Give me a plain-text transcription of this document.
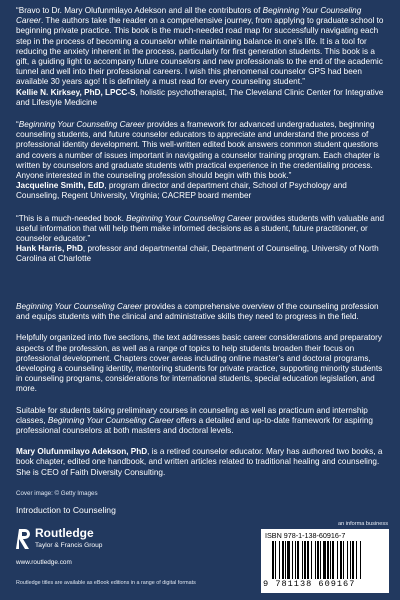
“Bravo to Dr. Mary Olufunmilayo Adekson and all the contributors of Beginning Your Counseling Career. The authors take the reader on a comprehensive journey, from applying to graduate school to beginning private practice. This book is the much-needed road map for successfully navigating each step in the process of becoming a counselor while maintaining balance in one’s life. It is a tool for reducing the anxiety inherent in the process, particularly for first generation students. This book is a gift, a guiding light to accompany future counselors and new professionals to the end of the academic tunnel and well into their professional careers. I wish this phenomenal counselor GPS had been available 30 years ago! It is definitely a must read for every counseling student.”

Kellie N. Kirksey, PhD, LPCC-S, holistic psychotherapist, The Cleveland Clinic Center for Integrative and Lifestyle Medicine

“Beginning Your Counseling Career provides a framework for advanced undergraduates, beginning counseling students, and future counselor educators to appreciate and understand the process of professional identity development. This well-written edited book answers common student questions and covers a number of issues important in navigating a counselor training program. Each chapter is written by counselors and graduate students with practical experience in the credentialing process. Anyone interested in the counseling profession should begin with this book.”

Jacqueline Smith, EdD, program director and department chair, School of Psychology and Counseling, Regent University, Virginia; CACREP board member

“This is a much-needed book. Beginning Your Counseling Career provides students with valuable and useful information that will help them make informed decisions as a student, future practitioner, or counselor educator.”

Hank Harris, PhD, professor and departmental chair, Department of Counseling, University of North Carolina at Charlotte

Beginning Your Counseling Career provides a comprehensive overview of the counseling profession and equips students with the clinical and administrative skills they need to progress in the field.

Helpfully organized into five sections, the text addresses basic career considerations and preparatory aspects of the profession, as well as a range of topics to help students broaden their focus on professional development. Chapters cover areas including online master’s and doctoral programs, developing a counseling identity, mentoring students for private practice, supporting minority students in counseling programs, considerations for international students, special education legislation, and more.

Suitable for students taking preliminary courses in counseling as well as practicum and internship classes, Beginning Your Counseling Career offers a detailed and up-to-date framework for aspiring professional counselors at both masters and doctoral levels.

Mary Olufunmilayo Adekson, PhD, is a retired counselor educator. Mary has authored two books, a book chapter, edited one handbook, and written articles related to traditional healing and counseling. She is CEO of Faith Diversity Consulting.

Cover image: © Getty Images
Introduction to Counseling
Routledge
Taylor & Francis Group
www.routledge.com
Routledge titles are available as eBook editions in a range of digital formats
an informa business
ISBN 978-1-138-60916-7
9 781138 609167
